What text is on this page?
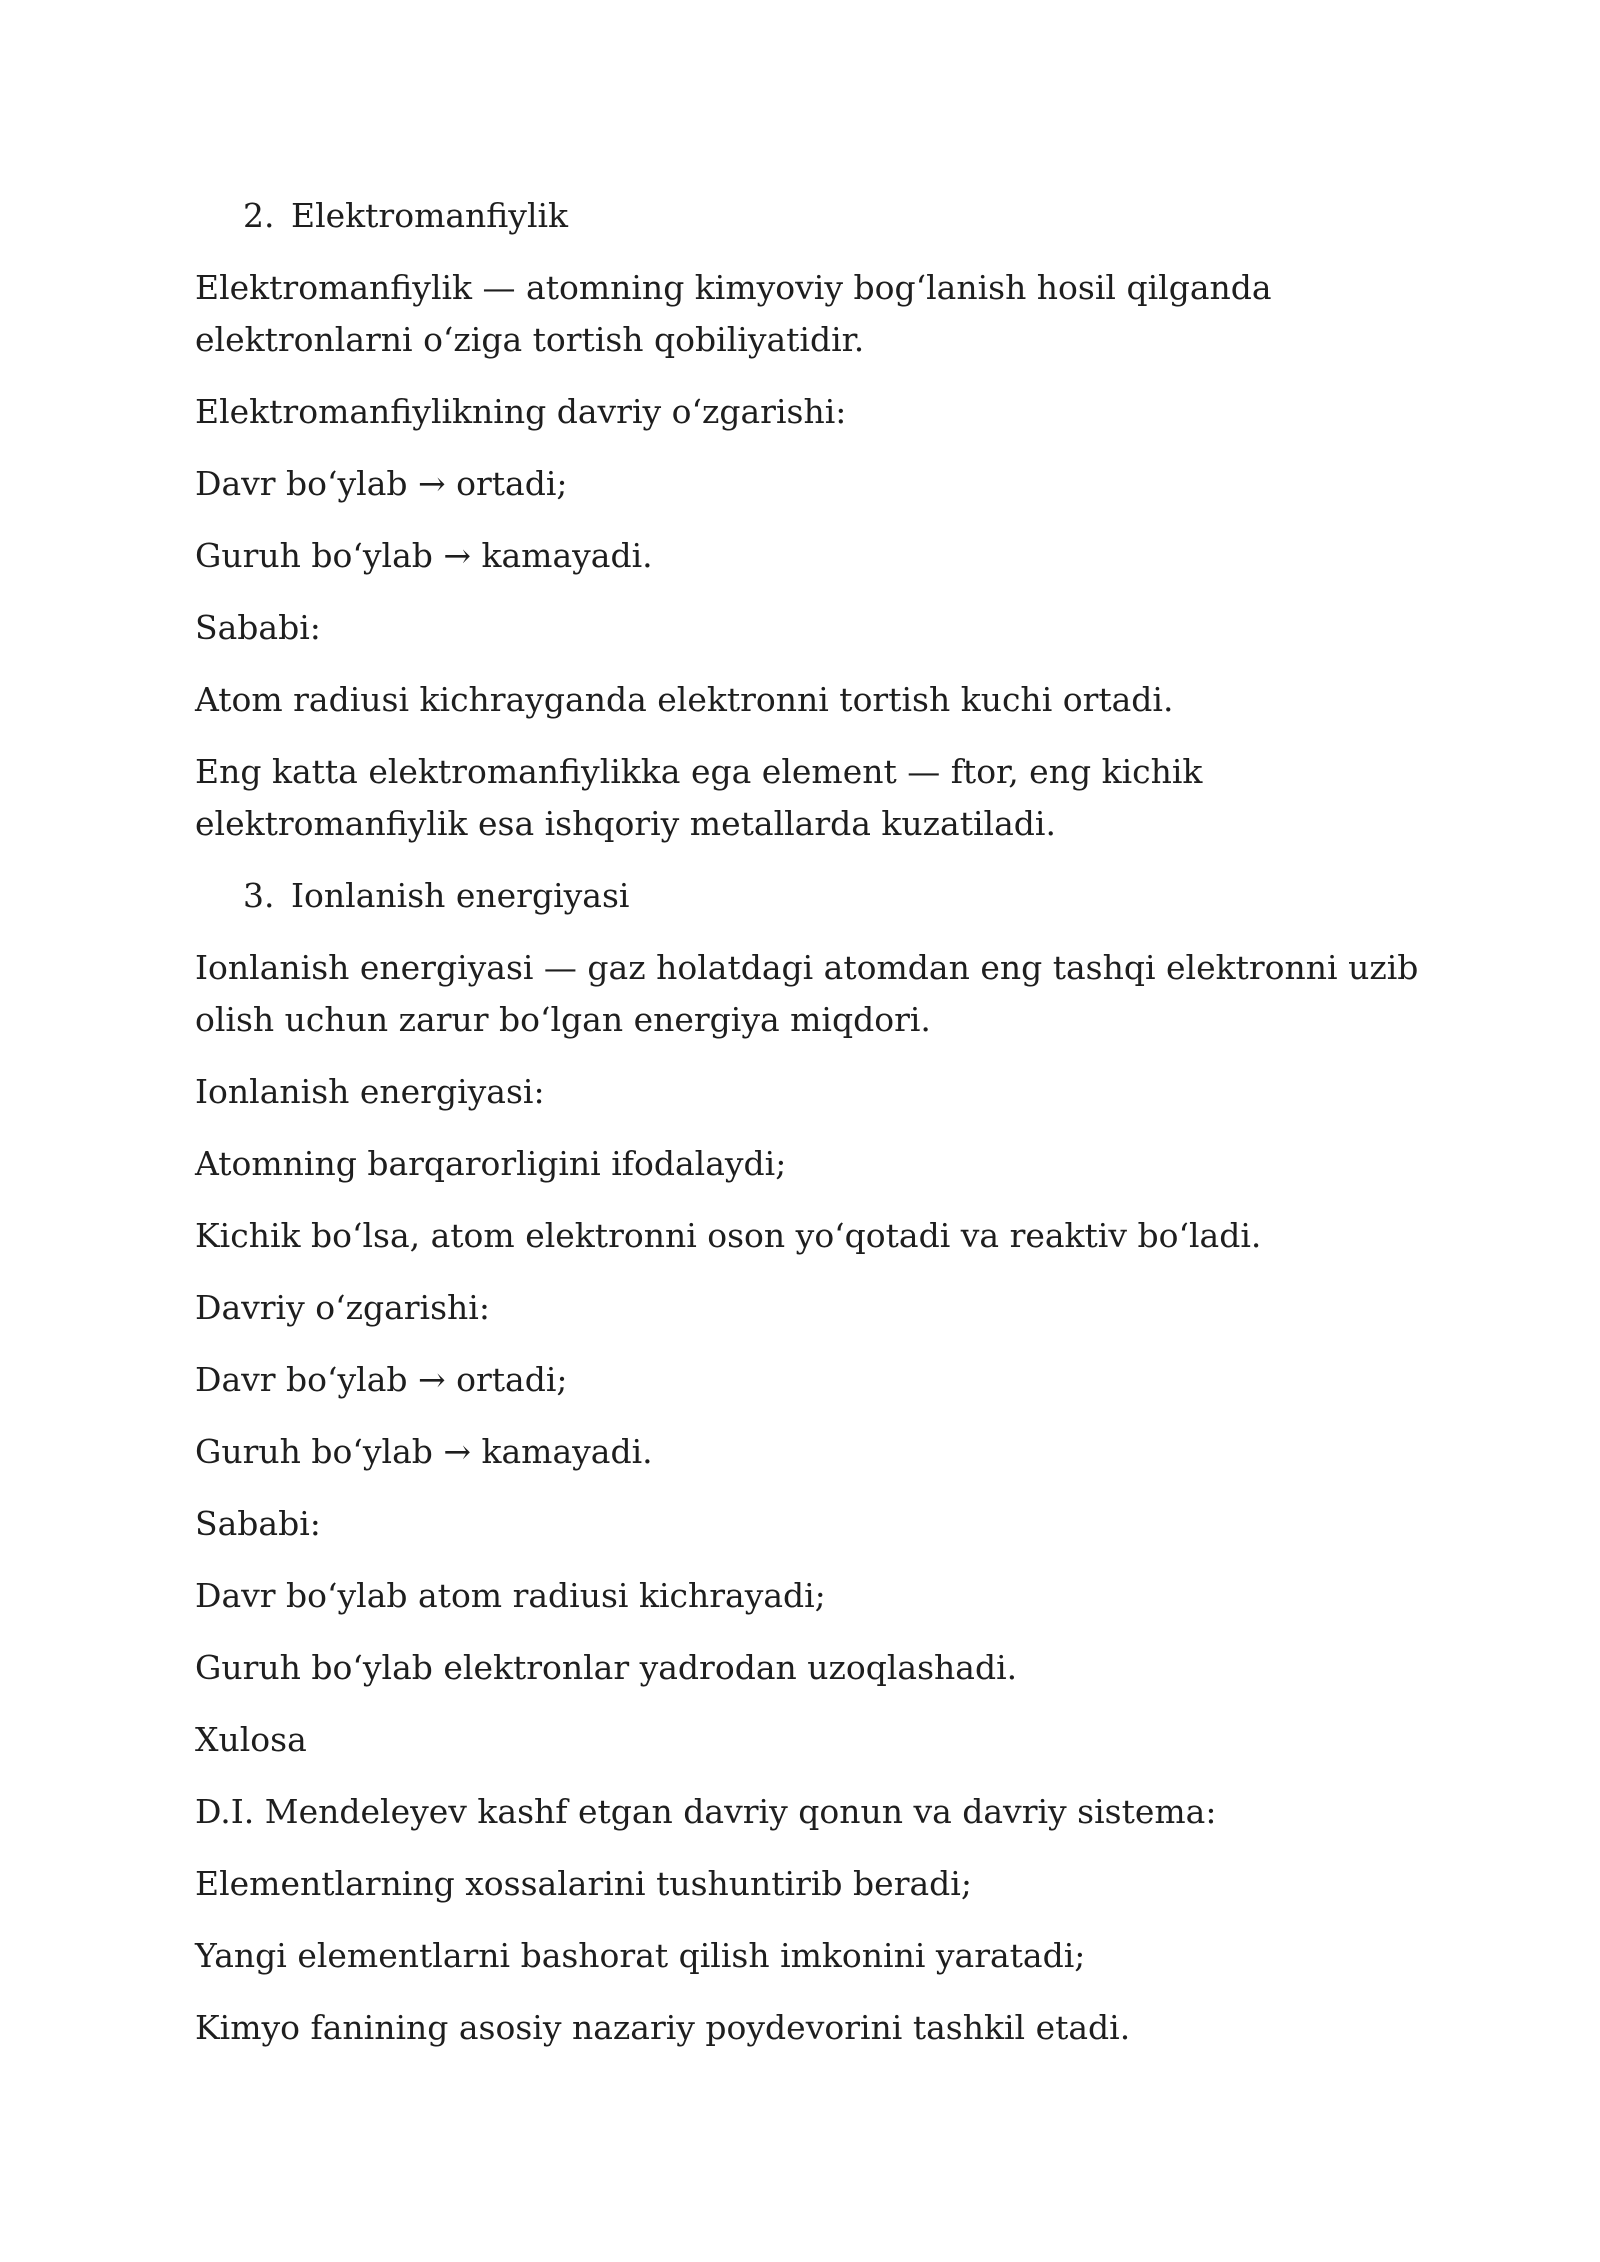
2. Elektromanfiylik

Elektromanfiylik — atomning kimyoviy bog‘lanish hosil qilganda elektronlarni o‘ziga tortish qobiliyatidir.

Elektromanfiylikning davriy o‘zgarishi:

Davr bo‘ylab → ortadi;

Guruh bo‘ylab → kamayadi.

Sababi:

Atom radiusi kichrayganda elektronni tortish kuchi ortadi.

Eng katta elektromanfiylikka ega element — ftor, eng kichik elektromanfiylik esa ishqoriy metallarda kuzatiladi.

3. Ionlanish energiyasi

Ionlanish energiyasi — gaz holatdagi atomdan eng tashqi elektronni uzib olish uchun zarur bo‘lgan energiya miqdori.

Ionlanish energiyasi:

Atomning barqarorligini ifodalaydi;

Kichik bo‘lsa, atom elektronni oson yo‘qotadi va reaktiv bo‘ladi.

Davriy o‘zgarishi:

Davr bo‘ylab → ortadi;

Guruh bo‘ylab → kamayadi.

Sababi:

Davr bo‘ylab atom radiusi kichrayadi;

Guruh bo‘ylab elektronlar yadrodan uzoqlashadi.

Xulosa

D.I. Mendeleyev kashf etgan davriy qonun va davriy sistema:

Elementlarning xossalarini tushuntirib beradi;

Yangi elementlarni bashorat qilish imkonini yaratadi;

Kimyo fanining asosiy nazariy poydevorini tashkil etadi.
